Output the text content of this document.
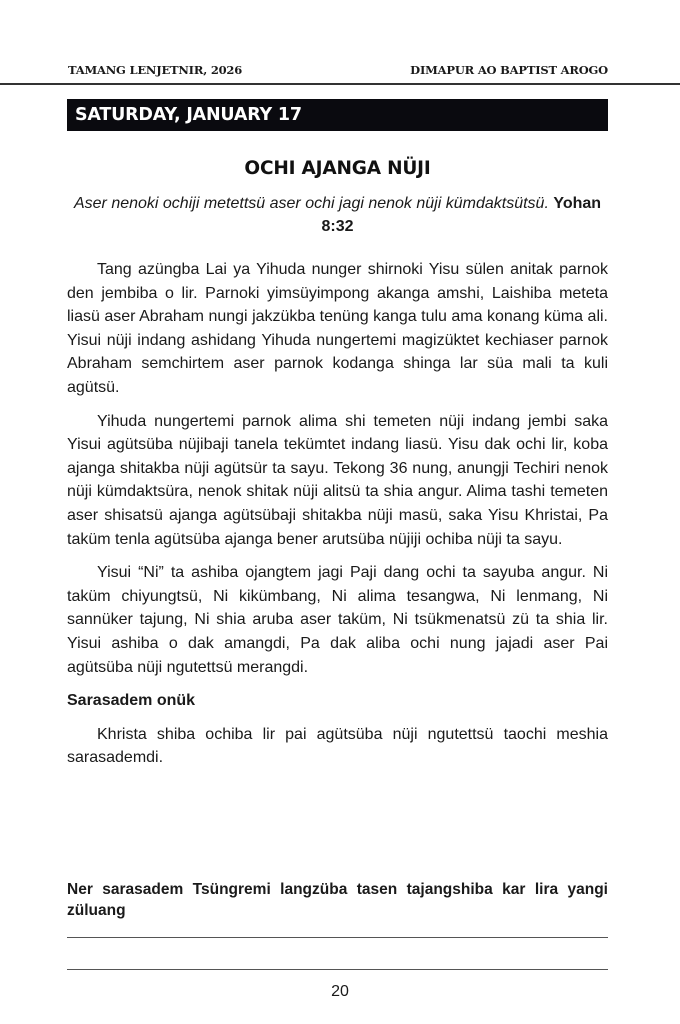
TAMANG LENJETNIR, 2026	DIMAPUR AO BAPTIST AROGO
SATURDAY, JANUARY 17
OCHI AJANGA NÜJI
Aser nenoki ochiji metettsü aser ochi jagi nenok nüji kümdaktsütsü. Yohan 8:32

Tang azüngba Lai ya Yihuda nunger shirnoki Yisu sülen anitak parnok den jembiba o lir. Parnoki yimsüyimpong akanga amshi, Laishiba meteta liasü aser Abraham nungi jakzükba tenüng kanga tulu ama konang küma ali. Yisui nüji indang ashidang Yihuda nungertemi magizüktet kechiaser parnok Abraham semchirtem aser parnok kodanga shinga lar süa mali ta kuli agütsü.

Yihuda nungertemi parnok alima shi temeten nüji indang jembi saka Yisui agütsüba nüjibaji tanela tekümtet indang liasü. Yisu dak ochi lir, koba ajanga shitakba nüji agütsür ta sayu. Tekong 36 nung, anungji Techiri nenok nüji kümdaktsüra, nenok shitak nüji alitsü ta shia angur. Alima tashi temeten aser shisatsü ajanga agütsübaji shitakba nüji masü, saka Yisu Khristai, Pa taküm tenla agütsüba ajanga bener arutsüba nüjiji ochiba nüji ta sayu.

Yisui “Ni” ta ashiba ojangtem jagi Paji dang ochi ta sayuba angur. Ni taküm chiyungtsü, Ni kikümbang, Ni alima tesangwa, Ni lenmang, Ni sannüker tajung, Ni shia aruba aser taküm, Ni tsükmenatsü zü ta shia lir. Yisui ashiba o dak amangdi, Pa dak aliba ochi nung jajadi aser Pai agütsüba nüji ngutettsü merangdi.

Sarasadem onük

Khrista shiba ochiba lir pai agütsüba nüji ngutettsü taochi meshia sarasademdi.

Ner sarasadem Tsüngremi langzüba tasen tajangshiba kar lira yangi züluang
20
